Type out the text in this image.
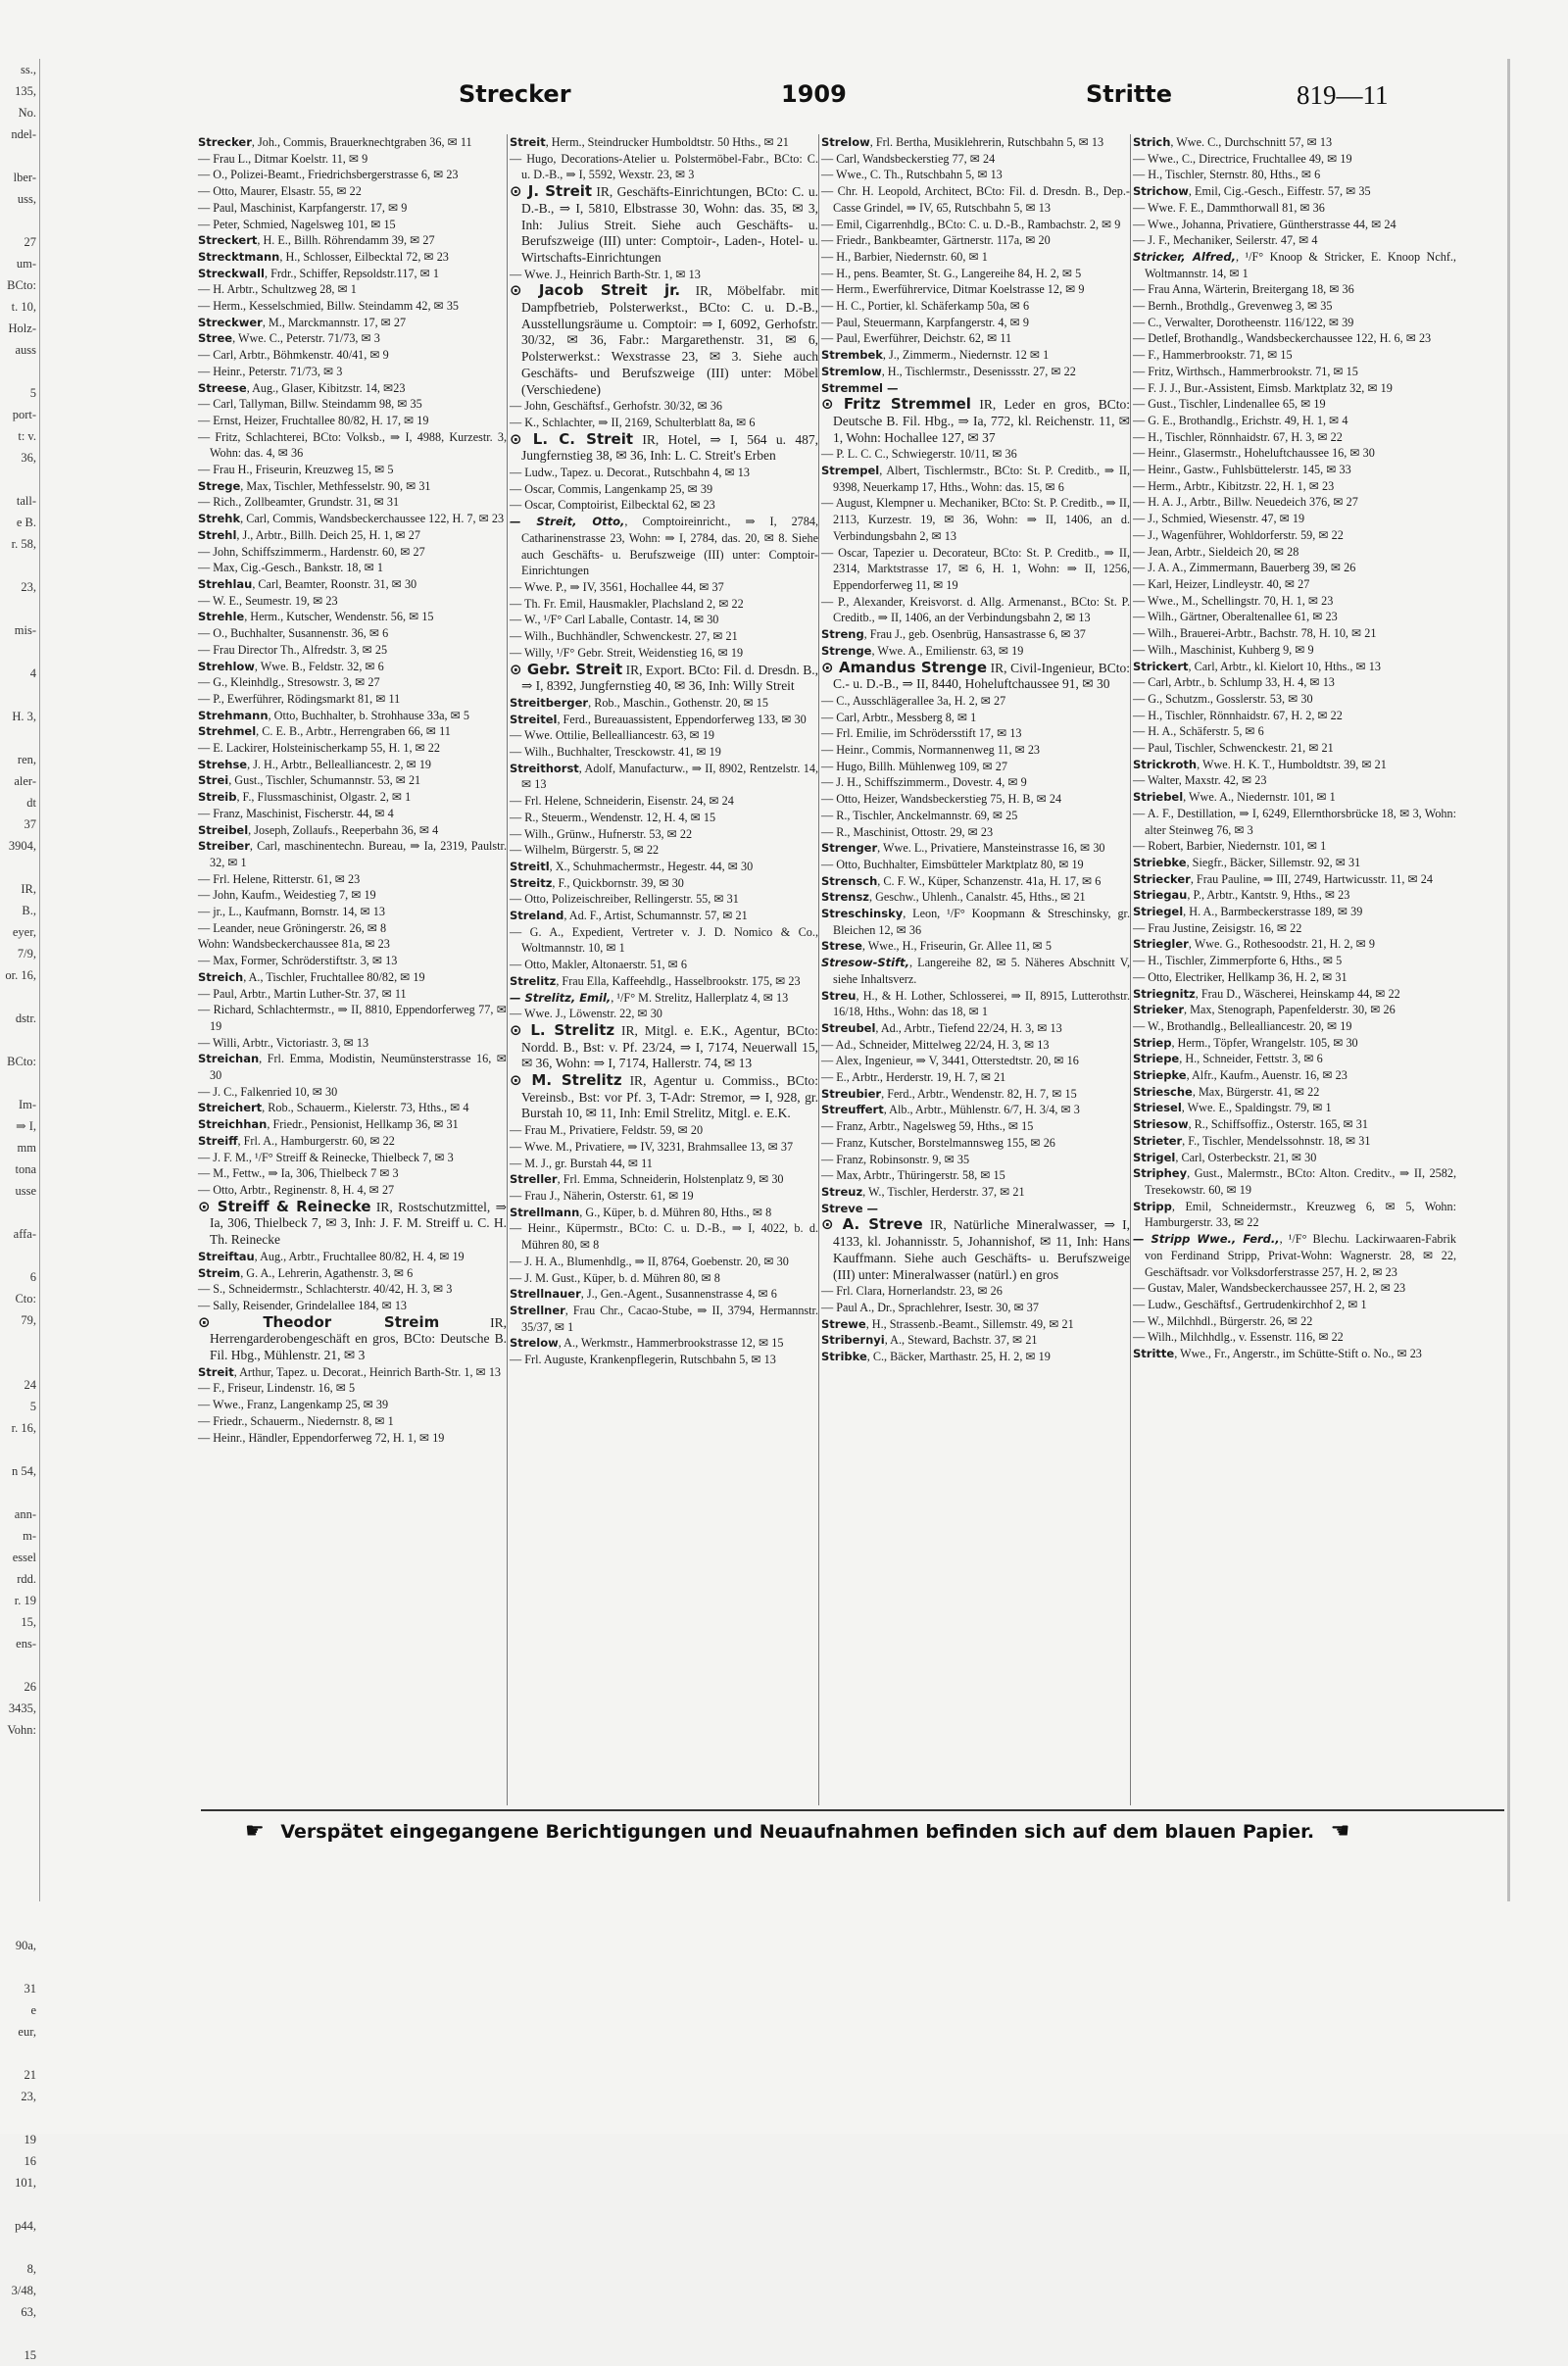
ss.,
135,
No.
ndel-

lber-
uss,

27
um-
BCto:
t. 10,
Holz-
auss

5
port-
t: v.
36,

tall-
e B.
r. 58,

23,

mis-

4

H. 3,

ren,
aler-
dt
37
3904,

IR,
B.,
eyer,
7/9,
or. 16,

dstr.

BCto:

Im-
⇒ I,
mm
tona
usse

affa-

6
Cto:
79,

24
5
r. 16,

n 54,

ann-
m-
essel
rdd.
r. 19
15,
ens-

26
3435,
Vohn:

90a,

31
e
eur,

21
23,

19
16
101,

p44,

8,
3/48,
63,

15
Strecker	1909	Stritte	819—11

Strecker, Joh., Commis, Brauerknechtgraben 36, ✉ 11

— Frau L., Ditmar Koelstr. 11, ✉ 9

— O., Polizei-Beamt., Friedrichsbergerstrasse 6, ✉ 23

— Otto, Maurer, Elsastr. 55, ✉ 22

— Paul, Maschinist, Karpfangerstr. 17, ✉ 9

— Peter, Schmied, Nagelsweg 101, ✉ 15

Streckert, H. E., Billh. Röhrendamm 39, ✉ 27

Strecktmann, H., Schlosser, Eilbecktal 72, ✉ 23

Streckwall, Frdr., Schiffer, Repsoldstr.117, ✉ 1

— H. Arbtr., Schultzweg 28, ✉ 1

— Herm., Kesselschmied, Billw. Steindamm 42, ✉ 35

Streckwer, M., Marckmannstr. 17, ✉ 27

Stree, Wwe. C., Peterstr. 71/73, ✉ 3

— Carl, Arbtr., Böhmkenstr. 40/41, ✉ 9

— Heinr., Peterstr. 71/73, ✉ 3

Streese, Aug., Glaser, Kibitzstr. 14, ✉23

— Carl, Tallyman, Billw. Steindamm 98, ✉ 35

— Ernst, Heizer, Fruchtallee 80/82, H. 17, ✉ 19

— Fritz, Schlachterei, BCto: Volksb., ⇒ I, 4988, Kurzestr. 3, Wohn: das. 4, ✉ 36

— Frau H., Friseurin, Kreuzweg 15, ✉ 5

Strege, Max, Tischler, Methfesselstr. 90, ✉ 31

— Rich., Zollbeamter, Grundstr. 31, ✉ 31

Strehk, Carl, Commis, Wandsbeckerchaussee 122, H. 7, ✉ 23

Strehl, J., Arbtr., Billh. Deich 25, H. 1, ✉ 27

— John, Schiffszimmerm., Hardenstr. 60, ✉ 27

— Max, Cig.-Gesch., Bankstr. 18, ✉ 1

Strehlau, Carl, Beamter, Roonstr. 31, ✉ 30

— W. E., Seumestr. 19, ✉ 23

Strehle, Herm., Kutscher, Wendenstr. 56, ✉ 15

— O., Buchhalter, Susannenstr. 36, ✉ 6

— Frau Director Th., Alfredstr. 3, ✉ 25

Strehlow, Wwe. B., Feldstr. 32, ✉ 6

— G., Kleinhdlg., Stresowstr. 3, ✉ 27

— P., Ewerführer, Rödingsmarkt 81, ✉ 11

Strehmann, Otto, Buchhalter, b. Strohhause 33a, ✉ 5

Strehmel, C. E. B., Arbtr., Herrengraben 66, ✉ 11

— E. Lackirer, Holsteinischerkamp 55, H. 1, ✉ 22

Strehse, J. H., Arbtr., Bellealliancestr. 2, ✉ 19

Strei, Gust., Tischler, Schumannstr. 53, ✉ 21

Streib, F., Flussmaschinist, Olgastr. 2, ✉ 1

— Franz, Maschinist, Fischerstr. 44, ✉ 4

Streibel, Joseph, Zollaufs., Reeperbahn 36, ✉ 4

Streiber, Carl, maschinentechn. Bureau, ⇒ Ia, 2319, Paulstr. 32, ✉ 1

— Frl. Helene, Ritterstr. 61, ✉ 23

— John, Kaufm., Weidestieg 7, ✉ 19

— jr., L., Kaufmann, Bornstr. 14, ✉ 13

— Leander, neue Gröningerstr. 26, ✉ 8

Wohn: Wandsbeckerchaussee 81a, ✉ 23

— Max, Former, Schröderstiftstr. 3, ✉ 13

Streich, A., Tischler, Fruchtallee 80/82, ✉ 19

— Paul, Arbtr., Martin Luther-Str. 37, ✉ 11

— Richard, Schlachtermstr., ⇒ II, 8810, Eppendorferweg 77, ✉ 19

— Willi, Arbtr., Victoriastr. 3, ✉ 13

Streichan, Frl. Emma, Modistin, Neumünsterstrasse 16, ✉ 30

— J. C., Falkenried 10, ✉ 30

Streichert, Rob., Schauerm., Kielerstr. 73, Hths., ✉ 4

Streichhan, Friedr., Pensionist, Hellkamp 36, ✉ 31

Streiff, Frl. A., Hamburgerstr. 60, ✉ 22

— J. F. M., ¹/F° Streiff & Reinecke, Thielbeck 7, ✉ 3

— M., Fettw., ⇒ Ia, 306, Thielbeck 7 ✉ 3

— Otto, Arbtr., Reginenstr. 8, H. 4, ✉ 27

⊙ Streiff & Reinecke IR, Rostschutzmittel, ⇒ Ia, 306, Thielbeck 7, ✉ 3, Inh: J. F. M. Streiff u. C. H. Th. Reinecke

Streiftau, Aug., Arbtr., Fruchtallee 80/82, H. 4, ✉ 19

Streim, G. A., Lehrerin, Agathenstr. 3, ✉ 6

— S., Schneidermstr., Schlachterstr. 40/42, H. 3, ✉ 3

— Sally, Reisender, Grindelallee 184, ✉ 13

⊙ Theodor Streim	IR, Herrengarderobengeschäft en gros, BCto: Deutsche B. Fil. Hbg., Mühlenstr. 21, ✉ 3

Streit, Arthur, Tapez. u. Decorat., Heinrich Barth-Str. 1, ✉ 13

— F., Friseur, Lindenstr. 16, ✉ 5

— Wwe., Franz, Langenkamp 25, ✉ 39

— Friedr., Schauerm., Niedernstr. 8, ✉ 1

— Heinr., Händler, Eppendorferweg 72, H. 1, ✉ 19

Streit, Herm., Steindrucker Humboldtstr. 50 Hths., ✉ 21

— Hugo, Decorations-Atelier u. Polstermöbel-Fabr., BCto: C. u. D.-B., ⇒ I, 5592, Wexstr. 23, ✉ 3

⊙ J. Streit IR, Geschäfts-Einrichtungen, BCto: C. u. D.-B., ⇒ I, 5810, Elbstrasse 30, Wohn: das. 35, ✉ 3, Inh: Julius Streit. Siehe auch Geschäfts- u. Berufszweige (III) unter: Comptoir-, Laden-, Hotel- u. Wirtschafts-Einrichtungen

— Wwe. J., Heinrich Barth-Str. 1, ✉ 13

⊙ Jacob Streit jr. IR, Möbelfabr. mit Dampfbetrieb, Polsterwerkst., BCto: C. u. D.-B., Ausstellungsräume u. Comptoir: ⇒ I, 6092, Gerhofstr. 30/32, ✉ 36, Fabr.: Margarethenstr. 31, ✉ 6, Polsterwerkst.: Wexstrasse 23, ✉ 3. Siehe auch Geschäfts- und Berufszweige (III) unter: Möbel (Verschiedene)

— John, Geschäftsf., Gerhofstr. 30/32, ✉ 36

— K., Schlachter, ⇒ II, 2169, Schulterblatt 8a, ✉ 6

⊙ L. C. Streit IR, Hotel, ⇒ I, 564 u. 487, Jungfernstieg 38, ✉ 36, Inh: L. C. Streit's Erben

— Ludw., Tapez. u. Decorat., Rutschbahn 4, ✉ 13

— Oscar, Commis, Langenkamp 25, ✉ 39

— Oscar, Comptoirist, Eilbecktal 62, ✉ 23

— Streit, Otto,, Comptoireinricht., ⇒ I, 2784, Catharinenstrasse 23, Wohn: ⇒ I, 2784, das. 20, ✉ 8. Siehe auch Geschäfts- u. Berufszweige (III) unter: Comptoir-Einrichtungen

— Wwe. P., ⇒ IV, 3561, Hochallee 44, ✉ 37

— Th. Fr. Emil, Hausmakler, Plachsland 2, ✉ 22

— W., ¹/F° Carl Laballe, Contastr. 14, ✉ 30

— Wilh., Buchhändler, Schwenckestr. 27, ✉ 21

— Willy, ¹/F° Gebr. Streit, Weidenstieg 16, ✉ 19

⊙ Gebr. Streit IR, Export. BCto: Fil. d. Dresdn. B., ⇒ I, 8392, Jungfernstieg 40, ✉ 36, Inh: Willy Streit

Streitberger, Rob., Maschin., Gothenstr. 20, ✉ 15

Streitel, Ferd., Bureauassistent, Eppendorferweg 133, ✉ 30

— Wwe. Ottilie, Bellealliancestr. 63, ✉ 19

— Wilh., Buchhalter, Tresckowstr. 41, ✉ 19

Streithorst, Adolf, Manufacturw., ⇒ II, 8902, Rentzelstr. 14, ✉ 13

— Frl. Helene, Schneiderin, Eisenstr. 24, ✉ 24

— R., Steuerm., Wendenstr. 12, H. 4, ✉ 15

— Wilh., Grünw., Hufnerstr. 53, ✉ 22

— Wilhelm, Bürgerstr. 5, ✉ 22

Streitl, X., Schuhmachermstr., Hegestr. 44, ✉ 30

Streitz, F., Quickbornstr. 39, ✉ 30

— Otto, Polizeischreiber, Rellingerstr. 55, ✉ 31

Streland, Ad. F., Artist, Schumannstr. 57, ✉ 21

— G. A., Expedient, Vertreter v. J. D. Nomico & Co., Woltmannstr. 10, ✉ 1

— Otto, Makler, Altonaerstr. 51, ✉ 6

Strelitz, Frau Ella, Kaffeehdlg., Hasselbrookstr. 175, ✉ 23

— Strelitz, Emil,, ¹/F° M. Strelitz, Hallerplatz 4, ✉ 13

— Wwe. J., Löwenstr. 22, ✉ 30

⊙ L. Strelitz IR, Mitgl. e. E.K., Agentur, BCto: Nordd. B., Bst: v. Pf. 23/24, ⇒ I, 7174, Neuerwall 15, ✉ 36, Wohn: ⇒ I, 7174, Hallerstr. 74, ✉ 13

⊙ M. Strelitz IR, Agentur u. Commiss., BCto: Vereinsb., Bst: vor Pf. 3, T-Adr: Stremor, ⇒ I, 928, gr. Burstah 10, ✉ 11, Inh: Emil Strelitz, Mitgl. e. E.K.

— Frau M., Privatiere, Feldstr. 59, ✉ 20

— Wwe. M., Privatiere, ⇒ IV, 3231, Brahmsallee 13, ✉ 37

— M. J., gr. Burstah 44, ✉ 11

Streller, Frl. Emma, Schneiderin, Holstenplatz 9, ✉ 30

— Frau J., Näherin, Osterstr. 61, ✉ 19

Strellmann, G., Küper, b. d. Mühren 80, Hths., ✉ 8

— Heinr., Küpermstr., BCto: C. u. D.-B., ⇒ I, 4022, b. d. Mühren 80, ✉ 8

— J. H. A., Blumenhdlg., ⇒ II, 8764, Goebenstr. 20, ✉ 30

— J. M. Gust., Küper, b. d. Mühren 80, ✉ 8

Strellnauer, J., Gen.-Agent., Susannenstrasse 4, ✉ 6

Strellner, Frau Chr., Cacao-Stube, ⇒ II, 3794, Hermannstr. 35/37, ✉ 1

Strelow, A., Werkmstr., Hammerbrookstrasse 12, ✉ 15

— Frl. Auguste, Krankenpflegerin, Rutschbahn 5, ✉ 13

Strelow, Frl. Bertha, Musiklehrerin, Rutschbahn 5, ✉ 13

— Carl, Wandsbeckerstieg 77, ✉ 24

— Wwe., C. Th., Rutschbahn 5, ✉ 13

— Chr. H. Leopold, Architect, BCto: Fil. d. Dresdn. B., Dep.-Casse Grindel, ⇒ IV, 65, Rutschbahn 5, ✉ 13

— Emil, Cigarrenhdlg., BCto: C. u. D.-B., Rambachstr. 2, ✉ 9

— Friedr., Bankbeamter, Gärtnerstr. 117a, ✉ 20

— H., Barbier, Niedernstr. 60, ✉ 1

— H., pens. Beamter, St. G., Langereihe 84, H. 2, ✉ 5

— Herm., Ewerführervice, Ditmar Koelstrasse 12, ✉ 9

— H. C., Portier, kl. Schäferkamp 50a, ✉ 6

— Paul, Steuermann, Karpfangerstr. 4, ✉ 9

— Paul, Ewerführer, Deichstr. 62, ✉ 11

Strembek, J., Zimmerm., Niedernstr. 12 ✉ 1

Stremlow, H., Tischlermstr., Desenissstr. 27, ✉ 22

Stremmel —

⊙ Fritz Stremmel IR, Leder en gros, BCto: Deutsche B. Fil. Hbg., ⇒ Ia, 772, kl. Reichenstr. 11, ✉ 1, Wohn: Hochallee 127, ✉ 37

— P. L. C. C., Schwiegerstr. 10/11, ✉ 36

Strempel, Albert, Tischlermstr., BCto: St. P. Creditb., ⇒ II, 9398, Neuerkamp 17, Hths., Wohn: das. 15, ✉ 6

— August, Klempner u. Mechaniker, BCto: St. P. Creditb., ⇒ II, 2113, Kurzestr. 19, ✉ 36, Wohn: ⇒ II, 1406, an d. Verbindungsbahn 2, ✉ 13

— Oscar, Tapezier u. Decorateur, BCto: St. P. Creditb., ⇒ II, 2314, Marktstrasse 17, ✉ 6, H. 1, Wohn: ⇒ II, 1256, Eppendorferweg 11, ✉ 19

— P., Alexander, Kreisvorst. d. Allg. Armenanst., BCto: St. P. Creditb., ⇒ II, 1406, an der Verbindungsbahn 2, ✉ 13

Streng, Frau J., geb. Osenbrüg, Hansastrasse 6, ✉ 37

Strenge, Wwe. A., Emilienstr. 63, ✉ 19

⊙ Amandus Strenge IR, Civil-Ingenieur, BCto: C.- u. D.-B., ⇒ II, 8440, Hoheluftchaussee 91, ✉ 30

— C., Ausschlägerallee 3a, H. 2, ✉ 27

— Carl, Arbtr., Messberg 8, ✉ 1

— Frl. Emilie, im Schrödersstift 17, ✉ 13

— Heinr., Commis, Normannenweg 11, ✉ 23

— Hugo, Billh. Mühlenweg 109, ✉ 27

— J. H., Schiffszimmerm., Dovestr. 4, ✉ 9

— Otto, Heizer, Wandsbeckerstieg 75, H. B, ✉ 24

— R., Tischler, Anckelmannstr. 69, ✉ 25

— R., Maschinist, Ottostr. 29, ✉ 23

Strenger, Wwe. L., Privatiere, Mansteinstrasse 16, ✉ 30

— Otto, Buchhalter, Eimsbütteler Marktplatz 80, ✉ 19

Strensch, C. F. W., Küper, Schanzenstr. 41a, H. 17, ✉ 6

Strensz, Geschw., Uhlenh., Canalstr. 45, Hths., ✉ 21

Streschinsky, Leon, ¹/F° Koopmann & Streschinsky, gr. Bleichen 12, ✉ 36

Strese, Wwe., H., Friseurin, Gr. Allee 11, ✉ 5

Stresow-Stift,, Langereihe 82, ✉ 5. Näheres Abschnitt V, siehe Inhaltsverz.

Streu, H., & H. Lother, Schlosserei, ⇒ II, 8915, Lutterothstr. 16/18, Hths., Wohn: das 18, ✉ 1

Streubel, Ad., Arbtr., Tiefend 22/24, H. 3, ✉ 13

— Ad., Schneider, Mittelweg 22/24, H. 3, ✉ 13

— Alex, Ingenieur, ⇒ V, 3441, Otterstedtstr. 20, ✉ 16

— E., Arbtr., Herderstr. 19, H. 7, ✉ 21

Streubier, Ferd., Arbtr., Wendenstr. 82, H. 7, ✉ 15

Streuffert, Alb., Arbtr., Mühlenstr. 6/7, H. 3/4, ✉ 3

— Franz, Arbtr., Nagelsweg 59, Hths., ✉ 15

— Franz, Kutscher, Borstelmannsweg 155, ✉ 26

— Franz, Robinsonstr. 9, ✉ 35

— Max, Arbtr., Thüringerstr. 58, ✉ 15

Streuz, W., Tischler, Herderstr. 37, ✉ 21

Streve —

⊙ A. Streve IR, Natürliche Mineralwasser, ⇒ I, 4133, kl. Johannisstr. 5, Johannishof, ✉ 11, Inh: Hans Kauffmann. Siehe auch Geschäfts- u. Berufszweige (III) unter: Mineralwasser (natürl.) en gros

— Frl. Clara, Hornerlandstr. 23, ✉ 26

— Paul A., Dr., Sprachlehrer, Isestr. 30, ✉ 37

Strewe, H., Strassenb.-Beamt., Sillemstr. 49, ✉ 21

Stribernyi, A., Steward, Bachstr. 37, ✉ 21

Stribke, C., Bäcker, Marthastr. 25, H. 2, ✉ 19

Strich, Wwe. C., Durchschnitt 57, ✉ 13

— Wwe., C., Directrice, Fruchtallee 49, ✉ 19

— H., Tischler, Sternstr. 80, Hths., ✉ 6

Strichow, Emil, Cig.-Gesch., Eiffestr. 57, ✉ 35

— Wwe. F. E., Dammthorwall 81, ✉ 36

— Wwe., Johanna, Privatiere, Güntherstrasse 44, ✉ 24

— J. F., Mechaniker, Seilerstr. 47, ✉ 4

Stricker, Alfred,, ¹/F° Knoop & Stricker, E. Knoop Nchf., Woltmannstr. 14, ✉ 1

— Frau Anna, Wärterin, Breitergang 18, ✉ 36

— Bernh., Brothdlg., Grevenweg 3, ✉ 35

— C., Verwalter, Dorotheenstr. 116/122, ✉ 39

— Detlef, Brothandlg., Wandsbeckerchaussee 122, H. 6, ✉ 23

— F., Hammerbrookstr. 71, ✉ 15

— Fritz, Wirthsch., Hammerbrookstr. 71, ✉ 15

— F. J. J., Bur.-Assistent, Eimsb. Marktplatz 32, ✉ 19

— Gust., Tischler, Lindenallee 65, ✉ 19

— G. E., Brothandlg., Erichstr. 49, H. 1, ✉ 4

— H., Tischler, Rönnhaidstr. 67, H. 3, ✉ 22

— Heinr., Glasermstr., Hoheluftchaussee 16, ✉ 30

— Heinr., Gastw., Fuhlsbüttelerstr. 145, ✉ 33

— Herm., Arbtr., Kibitzstr. 22, H. 1, ✉ 23

— H. A. J., Arbtr., Billw. Neuedeich 376, ✉ 27

— J., Schmied, Wiesenstr. 47, ✉ 19

— J., Wagenführer, Wohldorferstr. 59, ✉ 22

— Jean, Arbtr., Sieldeich 20, ✉ 28

— J. A. A., Zimmermann, Bauerberg 39, ✉ 26

— Karl, Heizer, Lindleystr. 40, ✉ 27

— Wwe., M., Schellingstr. 70, H. 1, ✉ 23

— Wilh., Gärtner, Oberaltenallee 61, ✉ 23

— Wilh., Brauerei-Arbtr., Bachstr. 78, H. 10, ✉ 21

— Wilh., Maschinist, Kuhberg 9, ✉ 9

Strickert, Carl, Arbtr., kl. Kielort 10, Hths., ✉ 13

— Carl, Arbtr., b. Schlump 33, H. 4, ✉ 13

— G., Schutzm., Gosslerstr. 53, ✉ 30

— H., Tischler, Rönnhaidstr. 67, H. 2, ✉ 22

— H. A., Schäferstr. 5, ✉ 6

— Paul, Tischler, Schwenckestr. 21, ✉ 21

Strickroth, Wwe. H. K. T., Humboldtstr. 39, ✉ 21

— Walter, Maxstr. 42, ✉ 23

Striebel, Wwe. A., Niedernstr. 101, ✉ 1

— A. F., Destillation, ⇒ I, 6249, Ellernthorsbrücke 18, ✉ 3, Wohn: alter Steinweg 76, ✉ 3

— Robert, Barbier, Niedernstr. 101, ✉ 1

Striebke, Siegfr., Bäcker, Sillemstr. 92, ✉ 31

Striecker, Frau Pauline, ⇒ III, 2749, Hartwicusstr. 11, ✉ 24

Striegau, P., Arbtr., Kantstr. 9, Hths., ✉ 23

Striegel, H. A., Barmbeckerstrasse 189, ✉ 39

— Frau Justine, Zeisigstr. 16, ✉ 22

Striegler, Wwe. G., Rothesoodstr. 21, H. 2, ✉ 9

— H., Tischler, Zimmerpforte 6, Hths., ✉ 5

— Otto, Electriker, Hellkamp 36, H. 2, ✉ 31

Striegnitz, Frau D., Wäscherei, Heinskamp 44, ✉ 22

Strieker, Max, Stenograph, Papenfelderstr. 30, ✉ 26

— W., Brothandlg., Bellealliancestr. 20, ✉ 19

Striep, Herm., Töpfer, Wrangelstr. 105, ✉ 30

Striepe, H., Schneider, Fettstr. 3, ✉ 6

Striepke, Alfr., Kaufm., Auenstr. 16, ✉ 23

Striesche, Max, Bürgerstr. 41, ✉ 22

Striesel, Wwe. E., Spaldingstr. 79, ✉ 1

Striesow, R., Schiffsoffiz., Osterstr. 165, ✉ 31

Strieter, F., Tischler, Mendelssohnstr. 18, ✉ 31

Strigel, Carl, Osterbeckstr. 21, ✉ 30

Striphey, Gust., Malermstr., BCto: Alton. Creditv., ⇒ II, 2582, Tresekowstr. 60, ✉ 19

Stripp, Emil, Schneidermstr., Kreuzweg 6, ✉ 5, Wohn: Hamburgerstr. 33, ✉ 22

— Stripp Wwe., Ferd.,, ¹/F° Blechu. Lackirwaaren-Fabrik von Ferdinand Stripp, Privat-Wohn: Wagnerstr. 28, ✉ 22, Geschäftsadr. vor Volksdorferstrasse 257, H. 2, ✉ 23

— Gustav, Maler, Wandsbeckerchaussee 257, H. 2, ✉ 23

— Ludw., Geschäftsf., Gertrudenkirchhof 2, ✉ 1

— W., Milchhdl., Bürgerstr. 26, ✉ 22

— Wilh., Milchhdlg., v. Essenstr. 116, ✉ 22

Stritte, Wwe., Fr., Angerstr., im Schütte-Stift o. No., ✉ 23

☛ Verspätet eingegangene Berichtigungen und Neuaufnahmen befinden sich auf dem blauen Papier. ☚
